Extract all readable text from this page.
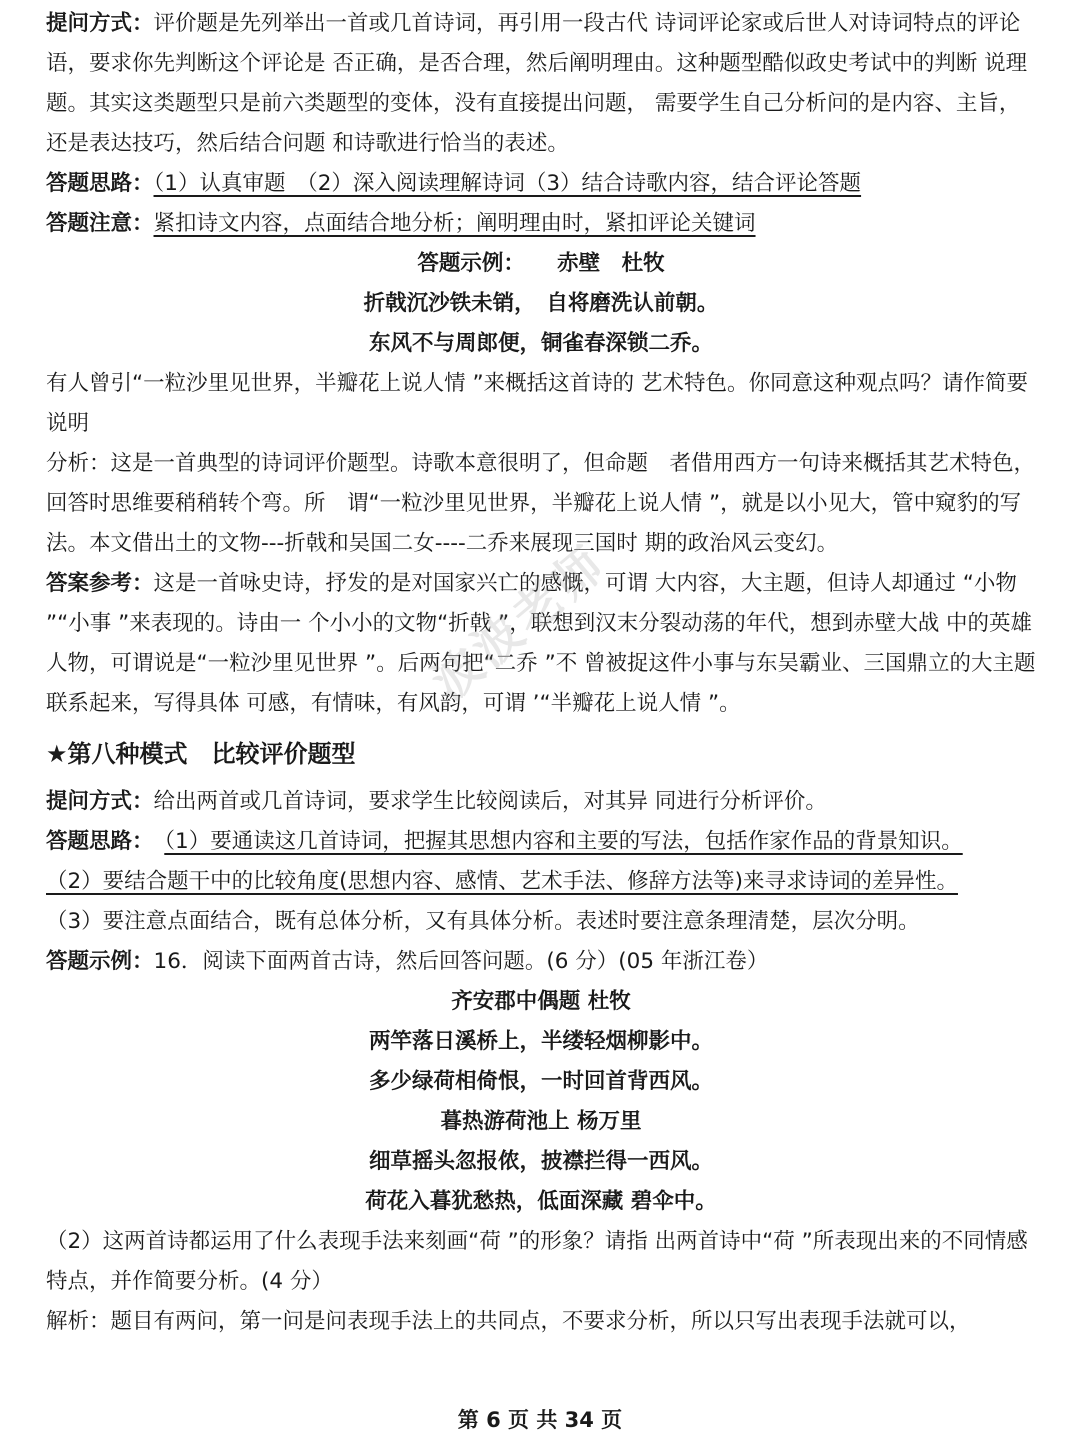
提问方式：评价题是先列举出一首或几首诗词，再引用一段古代 诗词评论家或后世人对诗词特点的评论语，要求你先判断这个评论是 否正确，是否合理，然后阐明理由。这种题型酷似政史考试中的判断 说理题。其实这类题型只是前六类题型的变体，没有直接提出问题， 需要学生自己分析问的是内容、主旨，还是表达技巧，然后结合问题 和诗歌进行恰当的表述。

答题思路：（1）认真审题　（2）深入阅读理解诗词（3）结合诗歌内容，结合评论答题

答题注意：紧扣诗文内容，点面结合地分析；阐明理由时，紧扣评论关键词

答题示例：　　赤壁　杜牧

折戟沉沙铁未销，　自将磨洗认前朝。

东风不与周郎便，铜雀春深锁二乔。

有人曾引“一粒沙里见世界，半瓣花上说人情 ”来概括这首诗的 艺术特色。你同意这种观点吗？请作简要说明

分析：这是一首典型的诗词评价题型。诗歌本意很明了，但命题　者借用西方一句诗来概括其艺术特色，回答时思维要稍稍转个弯。所　谓“一粒沙里见世界，半瓣花上说人情 ”，就是以小见大，管中窥豹的写法。本文借出土的文物---折戟和吴国二女----二乔来展现三国时 期的政治风云变幻。

答案参考：这是一首咏史诗，抒发的是对国家兴亡的感慨，可谓 大内容，大主题，但诗人却通过 “小物 ”“小事 ”来表现的。诗由一 个小小的文物“折戟 ”，联想到汉末分裂动荡的年代，想到赤壁大战 中的英雄人物，可谓说是“一粒沙里见世界 ”。后两句把“二乔 ”不 曾被捉这件小事与东吴霸业、三国鼎立的大主题联系起来，写得具体 可感，有情味，有风韵，可谓 ’“半瓣花上说人情 ”。

★第八种模式　比较评价题型

提问方式：给出两首或几首诗词，要求学生比较阅读后，对其异 同进行分析评价。

答题思路：　 （1）要通读这几首诗词，把握其思想内容和主要的写法，包括作家作品的背景知识。

（2）要结合题干中的比较角度(思想内容、感情、艺术手法、修辞方法等)来寻求诗词的差异性。

（3）要注意点面结合，既有总体分析，又有具体分析。表述时要注意条理清楚，层次分明。

答题示例：16．阅读下面两首古诗，然后回答问题。(6 分）(05 年浙江卷）

齐安郡中偶题 杜牧

两竿落日溪桥上，半缕轻烟柳影中。

多少绿荷相倚恨，一时回首背西风。

暮热游荷池上 杨万里

细草摇头忽报侬，披襟拦得一西风。

荷花入暮犹愁热，低面深藏 碧伞中。

（2）这两首诗都运用了什么表现手法来刻画“荷 ”的形象？请指 出两首诗中“荷 ”所表现出来的不同情感特点，并作简要分析。(4 分）

解析：题目有两问，第一问是问表现手法上的共同点，不要求分析，所以只写出表现手法就可以，

波波老师
第 6 页 共 34 页
